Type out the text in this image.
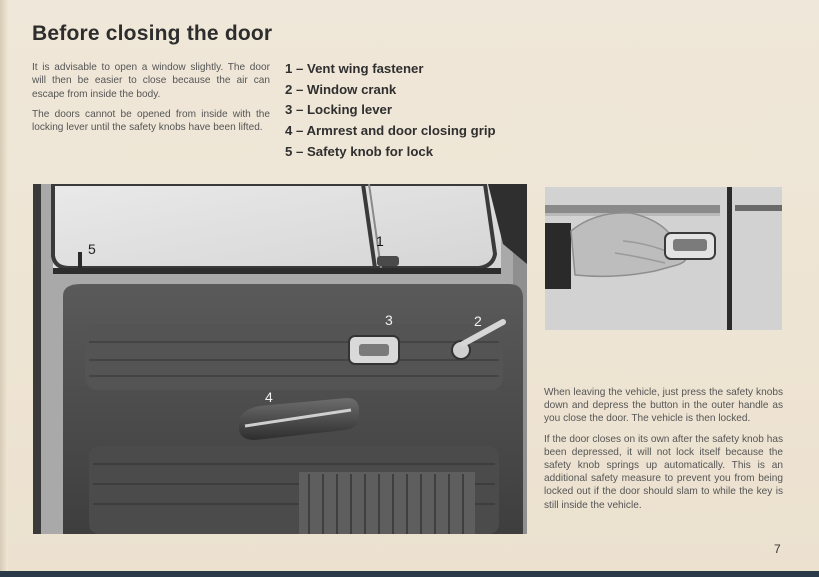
Before closing the door

It is advisable to open a window slightly. The door will then be easier to close because the air can escape from inside the body.

The doors cannot be opened from inside with the locking lever until the safety knobs have been lifted.

1 – Vent wing fastener
2 – Window crank
3 – Locking lever
4 – Armrest and door closing grip
5 – Safety knob for lock
5	1
3	2
4	When leaving the vehicle, just press the safety knobs down and depress the button in the outer handle as you close the door. The vehicle is then locked.

If the door closes on its own after the safety knob has been depressed, it will not lock itself because the safety knob springs up automatically. This is an additional safety measure to prevent you from being locked out if the door should slam to while the key is still inside the vehicle.

7
